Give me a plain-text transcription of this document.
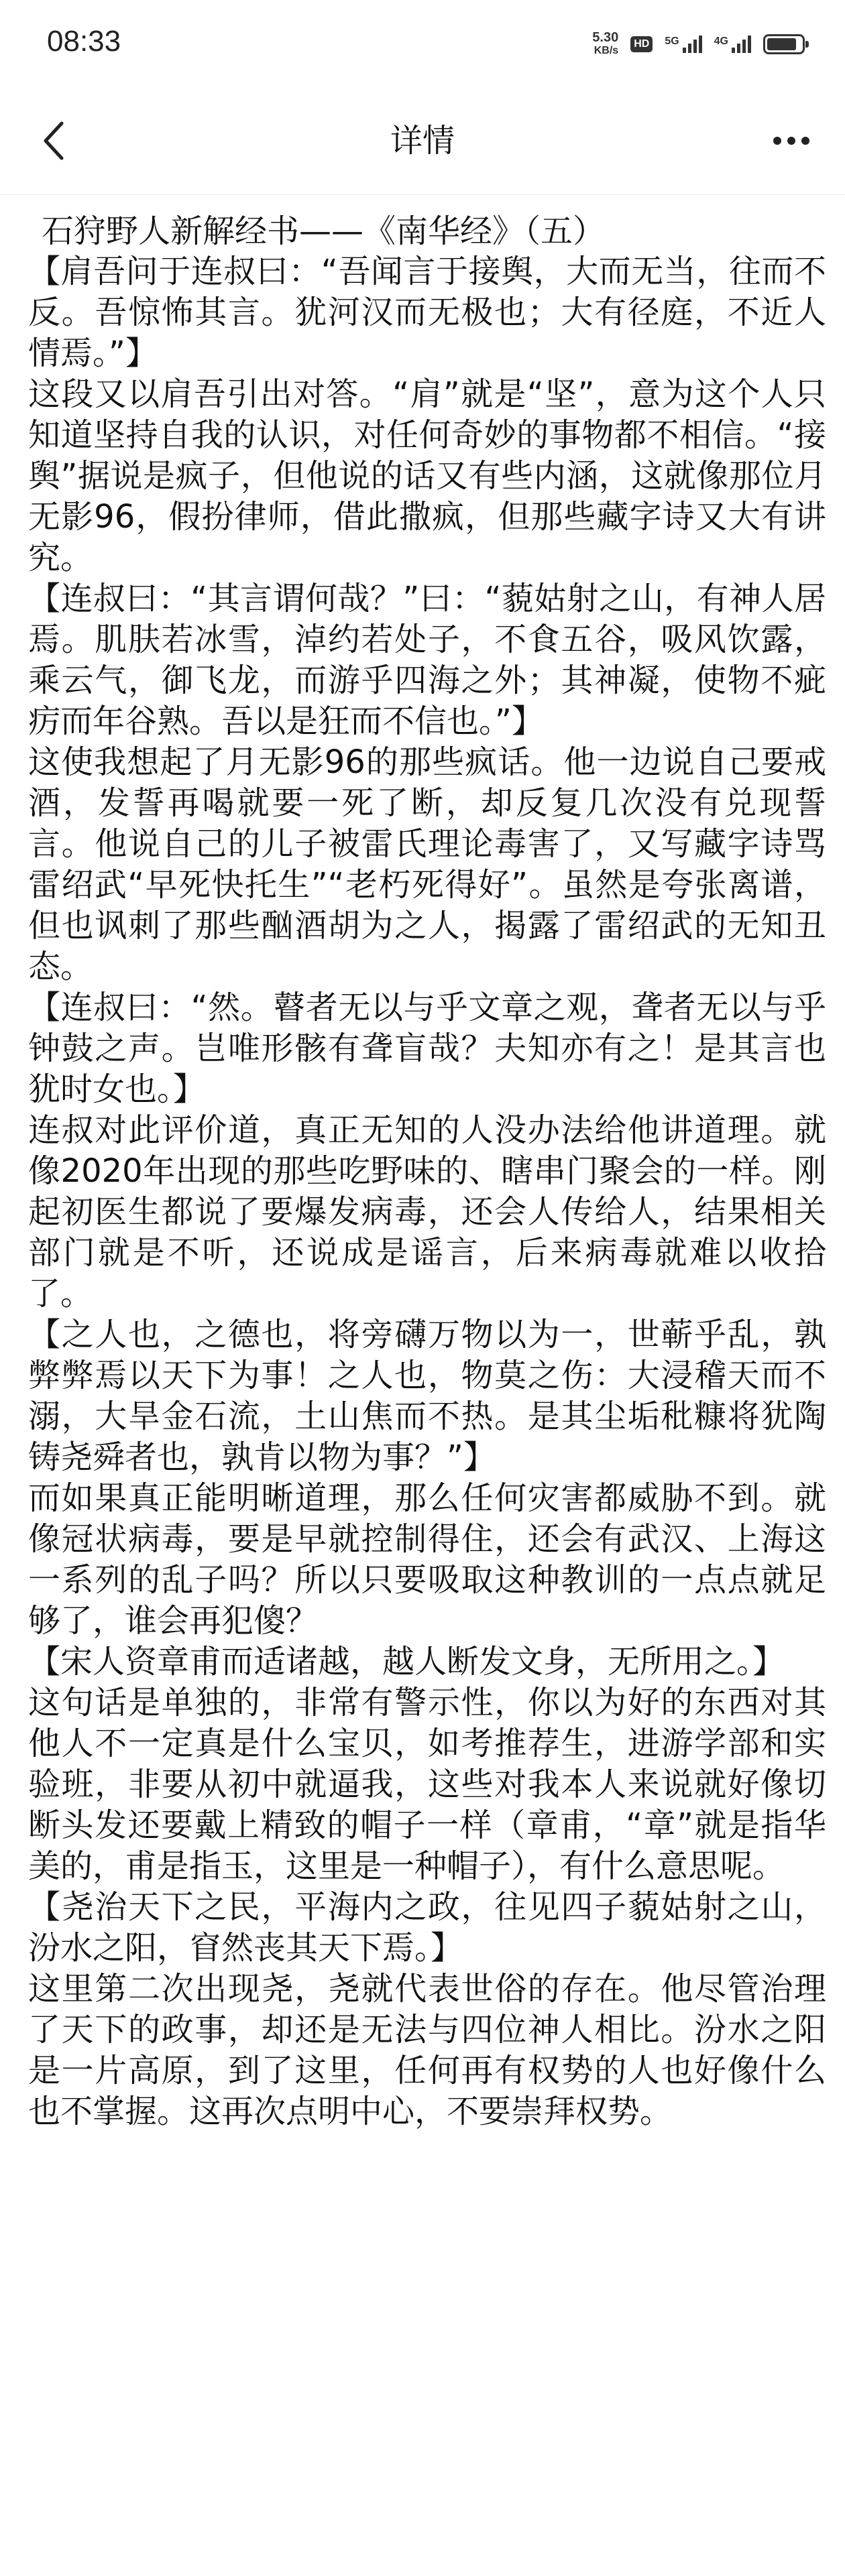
08:33	5.30
KB/s
HD	5G	4G
详情
石狩野人新解经书——《南华经》（五）

【肩吾问于连叔曰：“吾闻言于接舆，大而无当，往而不反。吾惊怖其言。犹河汉而无极也；大有径庭，不近人情焉。”】

这段又以肩吾引出对答。“肩”就是“坚”，意为这个人只知道坚持自我的认识，对任何奇妙的事物都不相信。“接舆”据说是疯子，但他说的话又有些内涵，这就像那位月无影96，假扮律师，借此撒疯，但那些藏字诗又大有讲究。

【连叔曰：“其言谓何哉？”曰：“藐姑射之山，有神人居焉。肌肤若冰雪，淖约若处子，不食五谷，吸风饮露，乘云气，御飞龙，而游乎四海之外；其神凝，使物不疵疠而年谷熟。吾以是狂而不信也。”】

这使我想起了月无影96的那些疯话。他一边说自己要戒酒，发誓再喝就要一死了断，却反复几次没有兑现誓言。他说自己的儿子被雷氏理论毒害了，又写藏字诗骂雷绍武“早死快托生”“老朽死得好”。虽然是夸张离谱，但也讽刺了那些酗酒胡为之人，揭露了雷绍武的无知丑态。

【连叔曰：“然。瞽者无以与乎文章之观，聋者无以与乎钟鼓之声。岂唯形骸有聋盲哉？夫知亦有之！是其言也犹时女也。】

连叔对此评价道，真正无知的人没办法给他讲道理。就像2020年出现的那些吃野味的、瞎串门聚会的一样。刚起初医生都说了要爆发病毒，还会人传给人，结果相关部门就是不听，还说成是谣言，后来病毒就难以收拾了。

【之人也，之德也，将旁礴万物以为一，世蕲乎乱，孰弊弊焉以天下为事！之人也，物莫之伤：大浸稽天而不溺，大旱金石流，土山焦而不热。是其尘垢秕糠将犹陶铸尧舜者也，孰肯以物为事？”】

而如果真正能明晰道理，那么任何灾害都威胁不到。就像冠状病毒，要是早就控制得住，还会有武汉、上海这一系列的乱子吗？所以只要吸取这种教训的一点点就足够了，谁会再犯傻？

【宋人资章甫而适诸越，越人断发文身，无所用之。】

这句话是单独的，非常有警示性，你以为好的东西对其他人不一定真是什么宝贝，如考推荐生，进游学部和实验班，非要从初中就逼我，这些对我本人来说就好像切断头发还要戴上精致的帽子一样（章甫，“章”就是指华美的，甫是指玉，这里是一种帽子），有什么意思呢。

【尧治天下之民，平海内之政，往见四子藐姑射之山，汾水之阳，窅然丧其天下焉。】

这里第二次出现尧，尧就代表世俗的存在。他尽管治理了天下的政事，却还是无法与四位神人相比。汾水之阳是一片高原，到了这里，任何再有权势的人也好像什么也不掌握。这再次点明中心，不要崇拜权势。
